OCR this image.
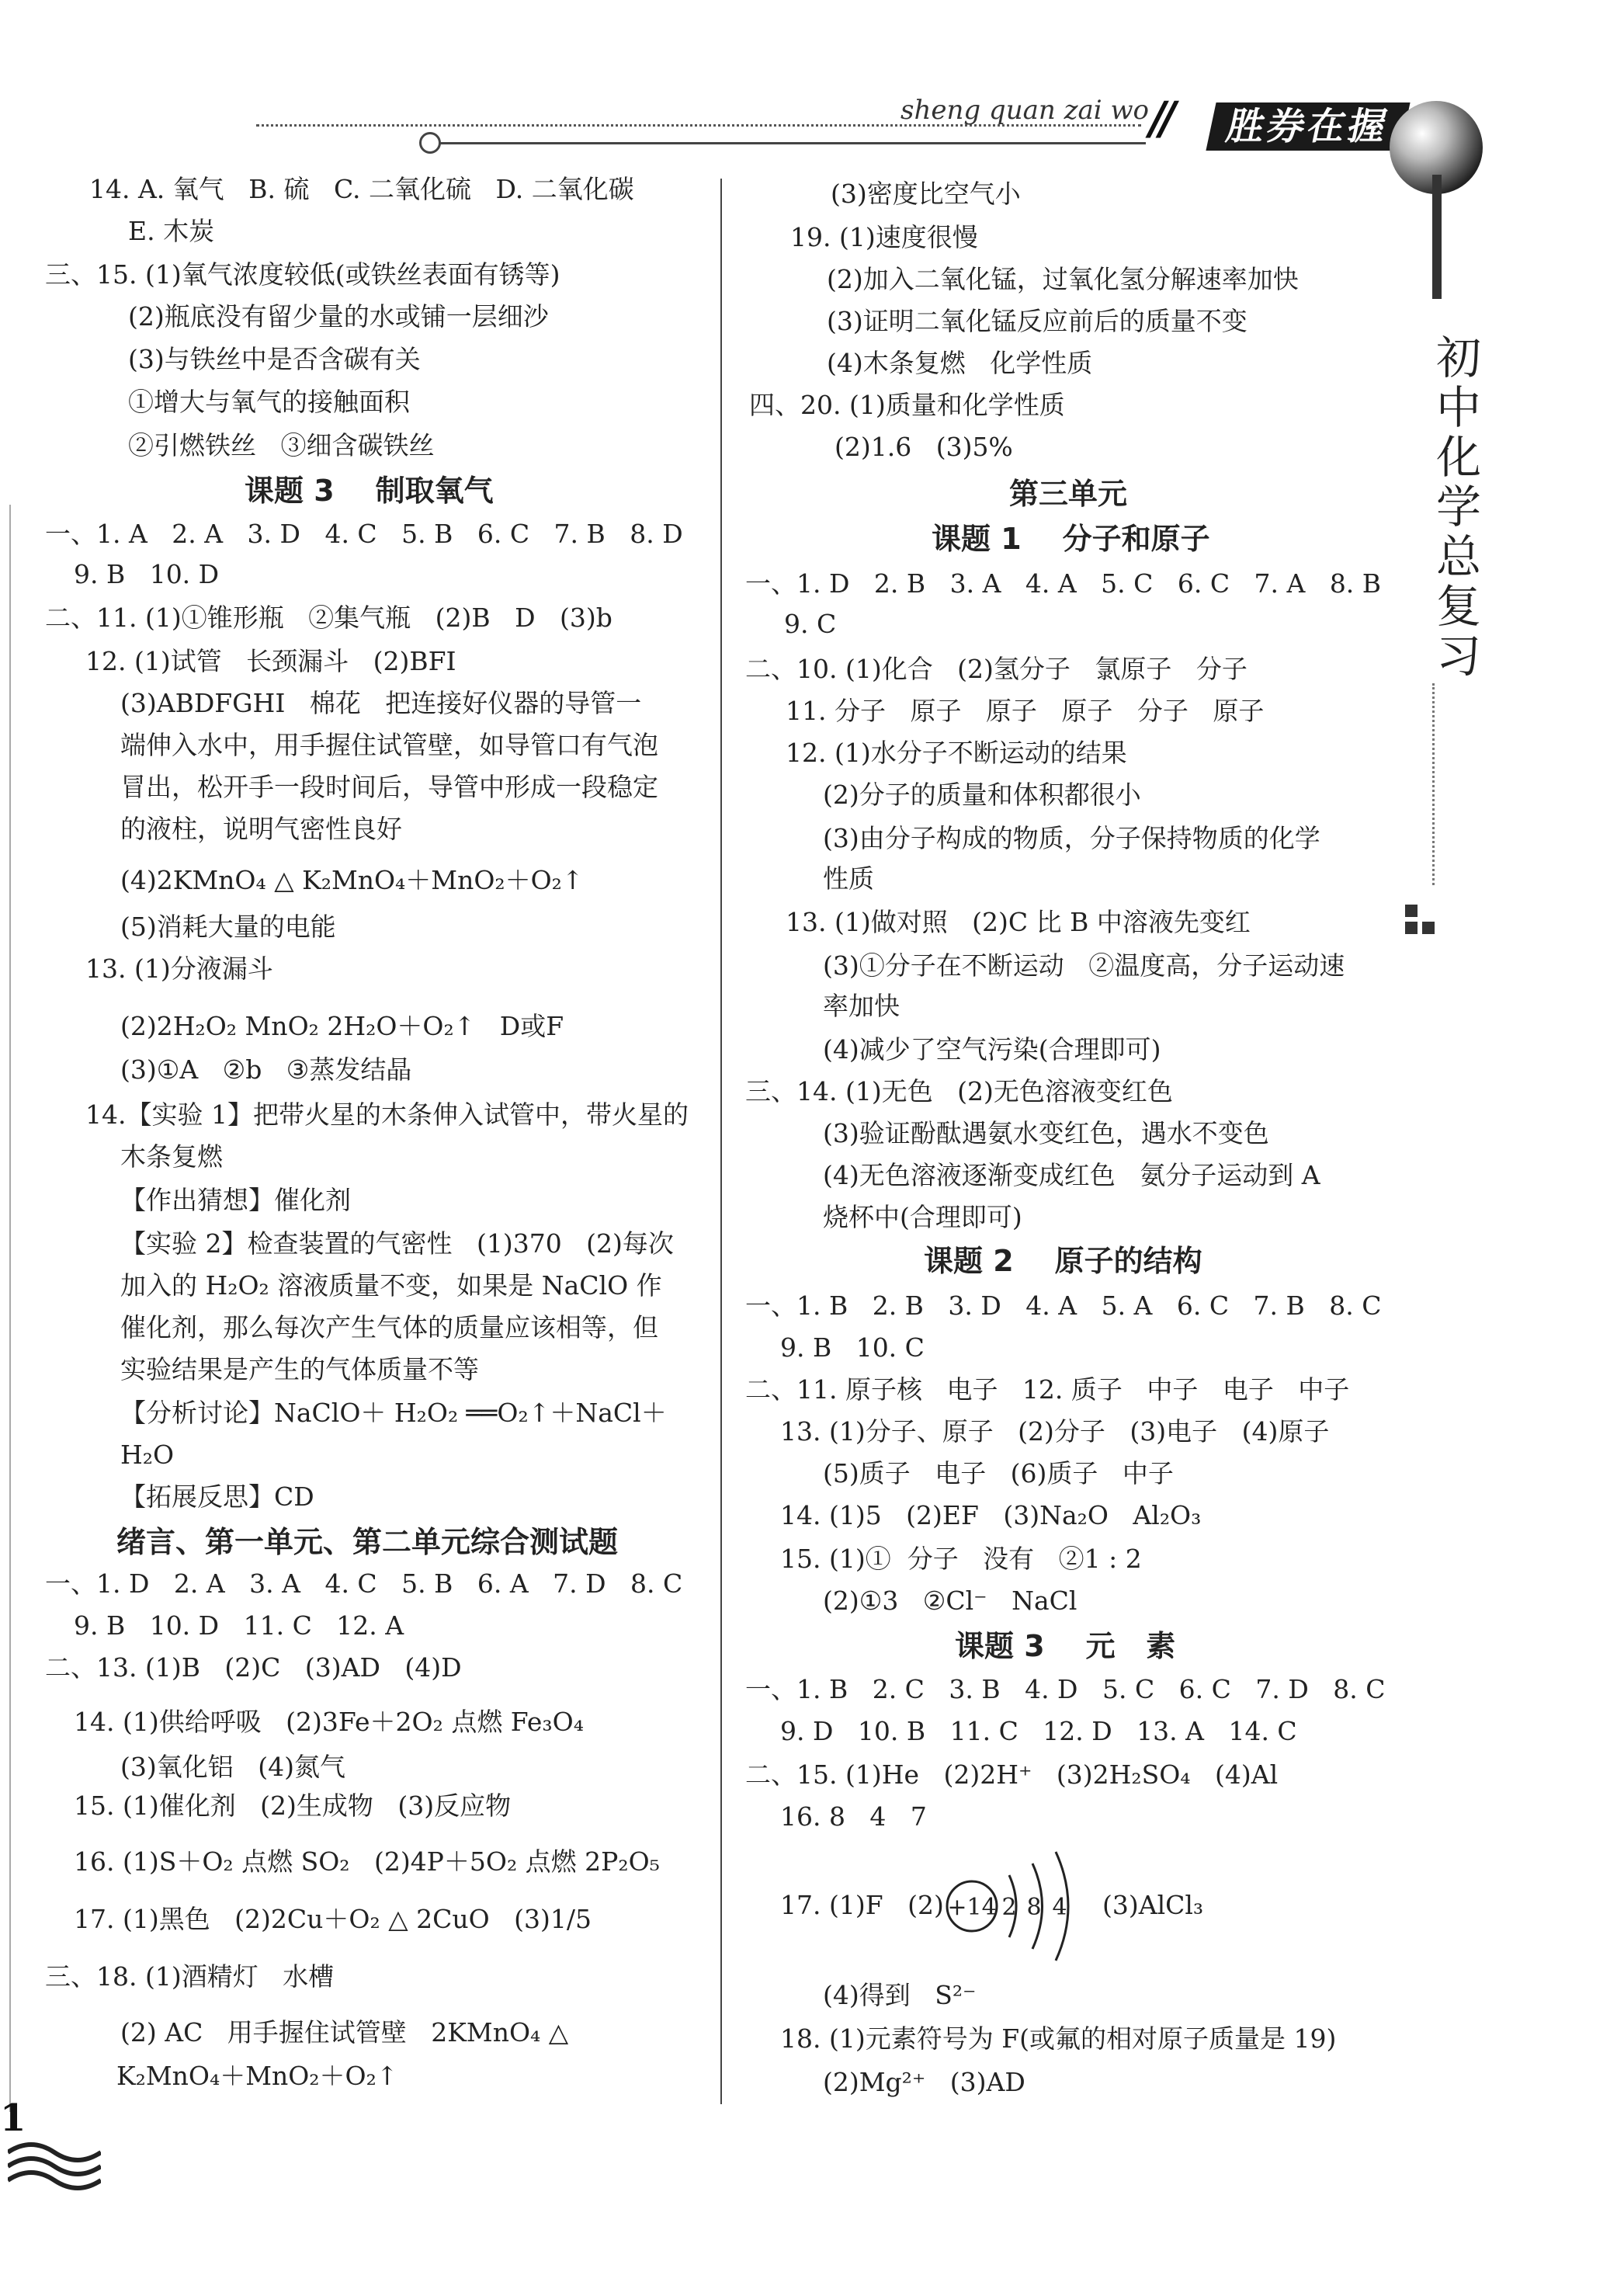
sheng quan zai wo //	胜券在握
初中化学总复习
14. A. 氧气   B. 硫   C. 二氧化硫   D. 二氧化碳
E. 木炭
三、15. (1)氧气浓度较低(或铁丝表面有锈等)
(2)瓶底没有留少量的水或铺一层细沙
(3)与铁丝中是否含碳有关
①增大与氧气的接触面积
②引燃铁丝   ③细含碳铁丝
课题 3    制取氧气
一、1. A   2. A   3. D   4. C   5. B   6. C   7. B   8. D
9. B   10. D
二、11. (1)①锥形瓶   ②集气瓶   (2)B   D   (3)b
12. (1)试管   长颈漏斗   (2)BFI
(3)ABDFGHI   棉花   把连接好仪器的导管一
端伸入水中，用手握住试管壁，如导管口有气泡
冒出，松开手一段时间后，导管中形成一段稳定
的液柱，说明气密性良好
(4)2KMnO₄ △ K₂MnO₄＋MnO₂＋O₂↑
(5)消耗大量的电能
13. (1)分液漏斗
(2)2H₂O₂ MnO₂ 2H₂O＋O₂↑   D或F
(3)①A   ②b   ③蒸发结晶
14.【实验 1】把带火星的木条伸入试管中，带火星的
木条复燃
【作出猜想】催化剂
【实验 2】检查装置的气密性   (1)370   (2)每次
加入的 H₂O₂ 溶液质量不变，如果是 NaClO 作
催化剂，那么每次产生气体的质量应该相等，但
实验结果是产生的气体质量不等
【分析讨论】NaClO＋ H₂O₂ ══O₂↑＋NaCl＋
H₂O
【拓展反思】CD
绪言、第一单元、第二单元综合测试题
一、1. D   2. A   3. A   4. C   5. B   6. A   7. D   8. C
9. B   10. D   11. C   12. A
二、13. (1)B   (2)C   (3)AD   (4)D
14. (1)供给呼吸   (2)3Fe＋2O₂ 点燃 Fe₃O₄
(3)氧化铝   (4)氮气
15. (1)催化剂   (2)生成物   (3)反应物
16. (1)S＋O₂ 点燃 SO₂   (2)4P＋5O₂ 点燃 2P₂O₅
17. (1)黑色   (2)2Cu＋O₂ △ 2CuO   (3)1/5
三、18. (1)酒精灯   水槽
(2) AC   用手握住试管壁   2KMnO₄ △
K₂MnO₄＋MnO₂＋O₂↑
(3)密度比空气小
19. (1)速度很慢
(2)加入二氧化锰，过氧化氢分解速率加快
(3)证明二氧化锰反应前后的质量不变
(4)木条复燃   化学性质
四、20. (1)质量和化学性质
(2)1.6   (3)5%
第三单元
课题 1    分子和原子
一、1. D   2. B   3. A   4. A   5. C   6. C   7. A   8. B
9. C
二、10. (1)化合   (2)氢分子   氯原子   分子
11. 分子   原子   原子   原子   分子   原子
12. (1)水分子不断运动的结果
(2)分子的质量和体积都很小
(3)由分子构成的物质，分子保持物质的化学
性质
13. (1)做对照   (2)C 比 B 中溶液先变红
(3)①分子在不断运动   ②温度高，分子运动速
率加快
(4)减少了空气污染(合理即可)
三、14. (1)无色   (2)无色溶液变红色
(3)验证酚酞遇氨水变红色，遇水不变色
(4)无色溶液逐渐变成红色   氨分子运动到 A
烧杯中(合理即可)
课题 2    原子的结构
一、1. B   2. B   3. D   4. A   5. A   6. C   7. B   8. C
9. B   10. C
二、11. 原子核   电子   12. 质子   中子   电子   中子
13. (1)分子、原子   (2)分子   (3)电子   (4)原子
(5)质子   电子   (6)质子   中子
14. (1)5   (2)EF   (3)Na₂O   Al₂O₃
15. (1)①  分子   没有   ②1 : 2
(2)①3   ②Cl⁻   NaCl
课题 3    元   素
一、1. B   2. C   3. B   4. D   5. C   6. C   7. D   8. C
9. D   10. B   11. C   12. D   13. A   14. C
二、15. (1)He   (2)2H⁺   (3)2H₂SO₄   (4)Al
16. 8   4   7
17. (1)F   (2)	(3)AlCl₃
(4)得到   S²⁻
18. (1)元素符号为 F(或氟的相对原子质量是 19)
(2)Mg²⁺   (3)AD
+14 2 8 4
1
